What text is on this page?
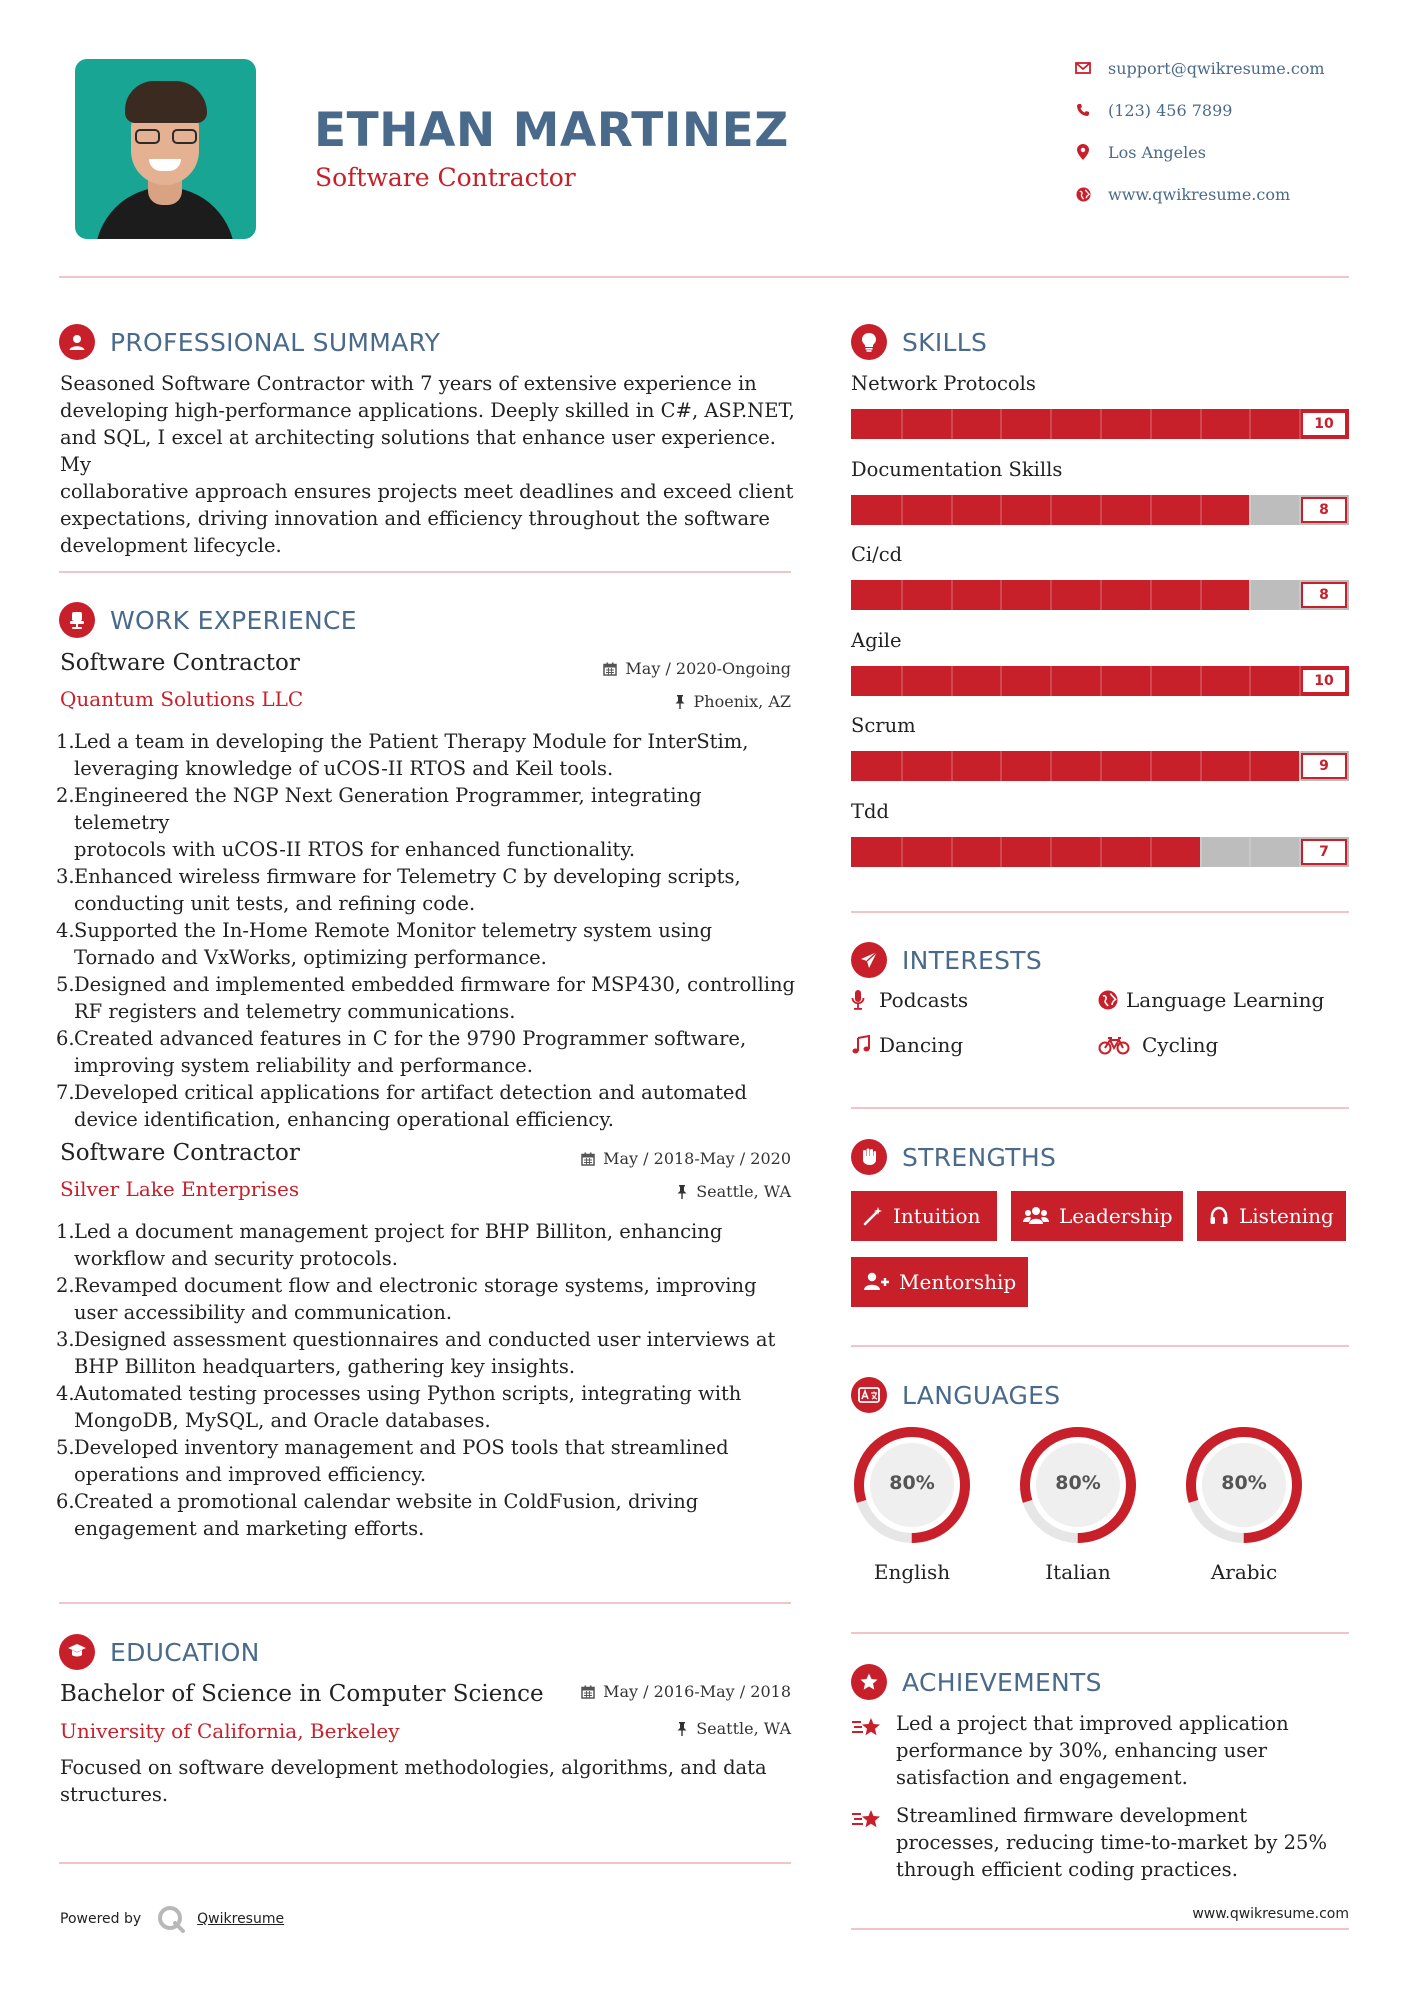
ETHAN MARTINEZ
Software Contractor
support@qwikresume.com
(123) 456 7899
Los Angeles
www.qwikresume.com
PROFESSIONAL SUMMARY
Seasoned Software Contractor with 7 years of extensive experience in
developing high-performance applications. Deeply skilled in C#, ASP.NET,
and SQL, I excel at architecting solutions that enhance user experience. My
collaborative approach ensures projects meet deadlines and exceed client
expectations, driving innovation and efficiency throughout the software
development lifecycle.
WORK EXPERIENCE
Software Contractor	May / 2020-Ongoing
Quantum Solutions LLC	Phoenix, AZ
1. Led a team in developing the Patient Therapy Module for InterStim,
leveraging knowledge of uCOS-II RTOS and Keil tools.
2. Engineered the NGP Next Generation Programmer, integrating telemetry
protocols with uCOS-II RTOS for enhanced functionality.
3. Enhanced wireless firmware for Telemetry C by developing scripts,
conducting unit tests, and refining code.
4. Supported the In-Home Remote Monitor telemetry system using
Tornado and VxWorks, optimizing performance.
5. Designed and implemented embedded firmware for MSP430, controlling
RF registers and telemetry communications.
6. Created advanced features in C for the 9790 Programmer software,
improving system reliability and performance.
7. Developed critical applications for artifact detection and automated
device identification, enhancing operational efficiency.
Software Contractor	May / 2018-May / 2020
Silver Lake Enterprises	Seattle, WA
1. Led a document management project for BHP Billiton, enhancing
workflow and security protocols.
2. Revamped document flow and electronic storage systems, improving
user accessibility and communication.
3. Designed assessment questionnaires and conducted user interviews at
BHP Billiton headquarters, gathering key insights.
4. Automated testing processes using Python scripts, integrating with
MongoDB, MySQL, and Oracle databases.
5. Developed inventory management and POS tools that streamlined
operations and improved efficiency.
6. Created a promotional calendar website in ColdFusion, driving
engagement and marketing efforts.
EDUCATION
Bachelor of Science in Computer Science	May / 2016-May / 2018
University of California, Berkeley	Seattle, WA
Focused on software development methodologies, algorithms, and data
structures.
SKILLS
Network Protocols
10
Documentation Skills
8
Ci/cd
8
Agile
10
Scrum
9
Tdd
7
INTERESTS
Podcasts	Language Learning
Dancing	Cycling
STRENGTHS
Intuition	Leadership	Listening
Mentorship
LANGUAGES
80%
English
80%
Italian
80%
Arabic
ACHIEVEMENTS
Led a project that improved application
performance by 30%, enhancing user
satisfaction and engagement.
Streamlined firmware development
processes, reducing time-to-market by 25%
through efficient coding practices.
Powered by	Qwikresume	www.qwikresume.com
